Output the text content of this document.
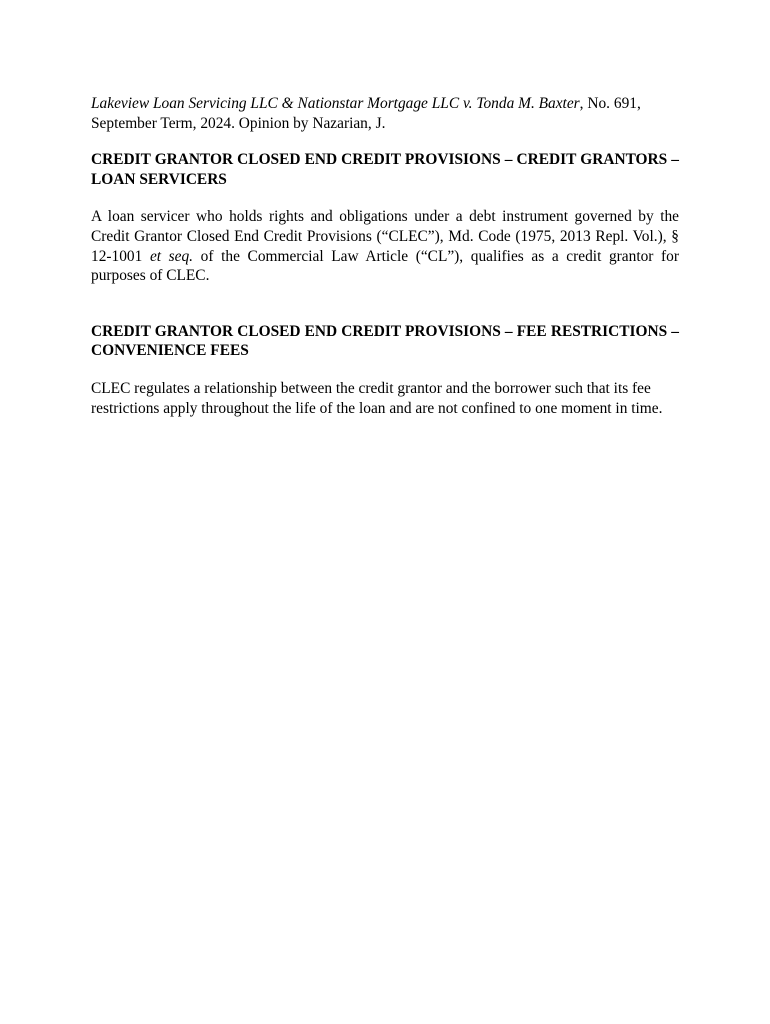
Lakeview Loan Servicing LLC & Nationstar Mortgage LLC v. Tonda M. Baxter, No. 691, September Term, 2024. Opinion by Nazarian, J.

CREDIT GRANTOR CLOSED END CREDIT PROVISIONS – CREDIT GRANTORS – LOAN SERVICERS

A loan servicer who holds rights and obligations under a debt instrument governed by the Credit Grantor Closed End Credit Provisions (“CLEC”), Md. Code (1975, 2013 Repl. Vol.), § 12-1001 et seq. of the Commercial Law Article (“CL”), qualifies as a credit grantor for purposes of CLEC.

CREDIT GRANTOR CLOSED END CREDIT PROVISIONS – FEE RESTRICTIONS – CONVENIENCE FEES

CLEC regulates a relationship between the credit grantor and the borrower such that its fee restrictions apply throughout the life of the loan and are not confined to one moment in time.
